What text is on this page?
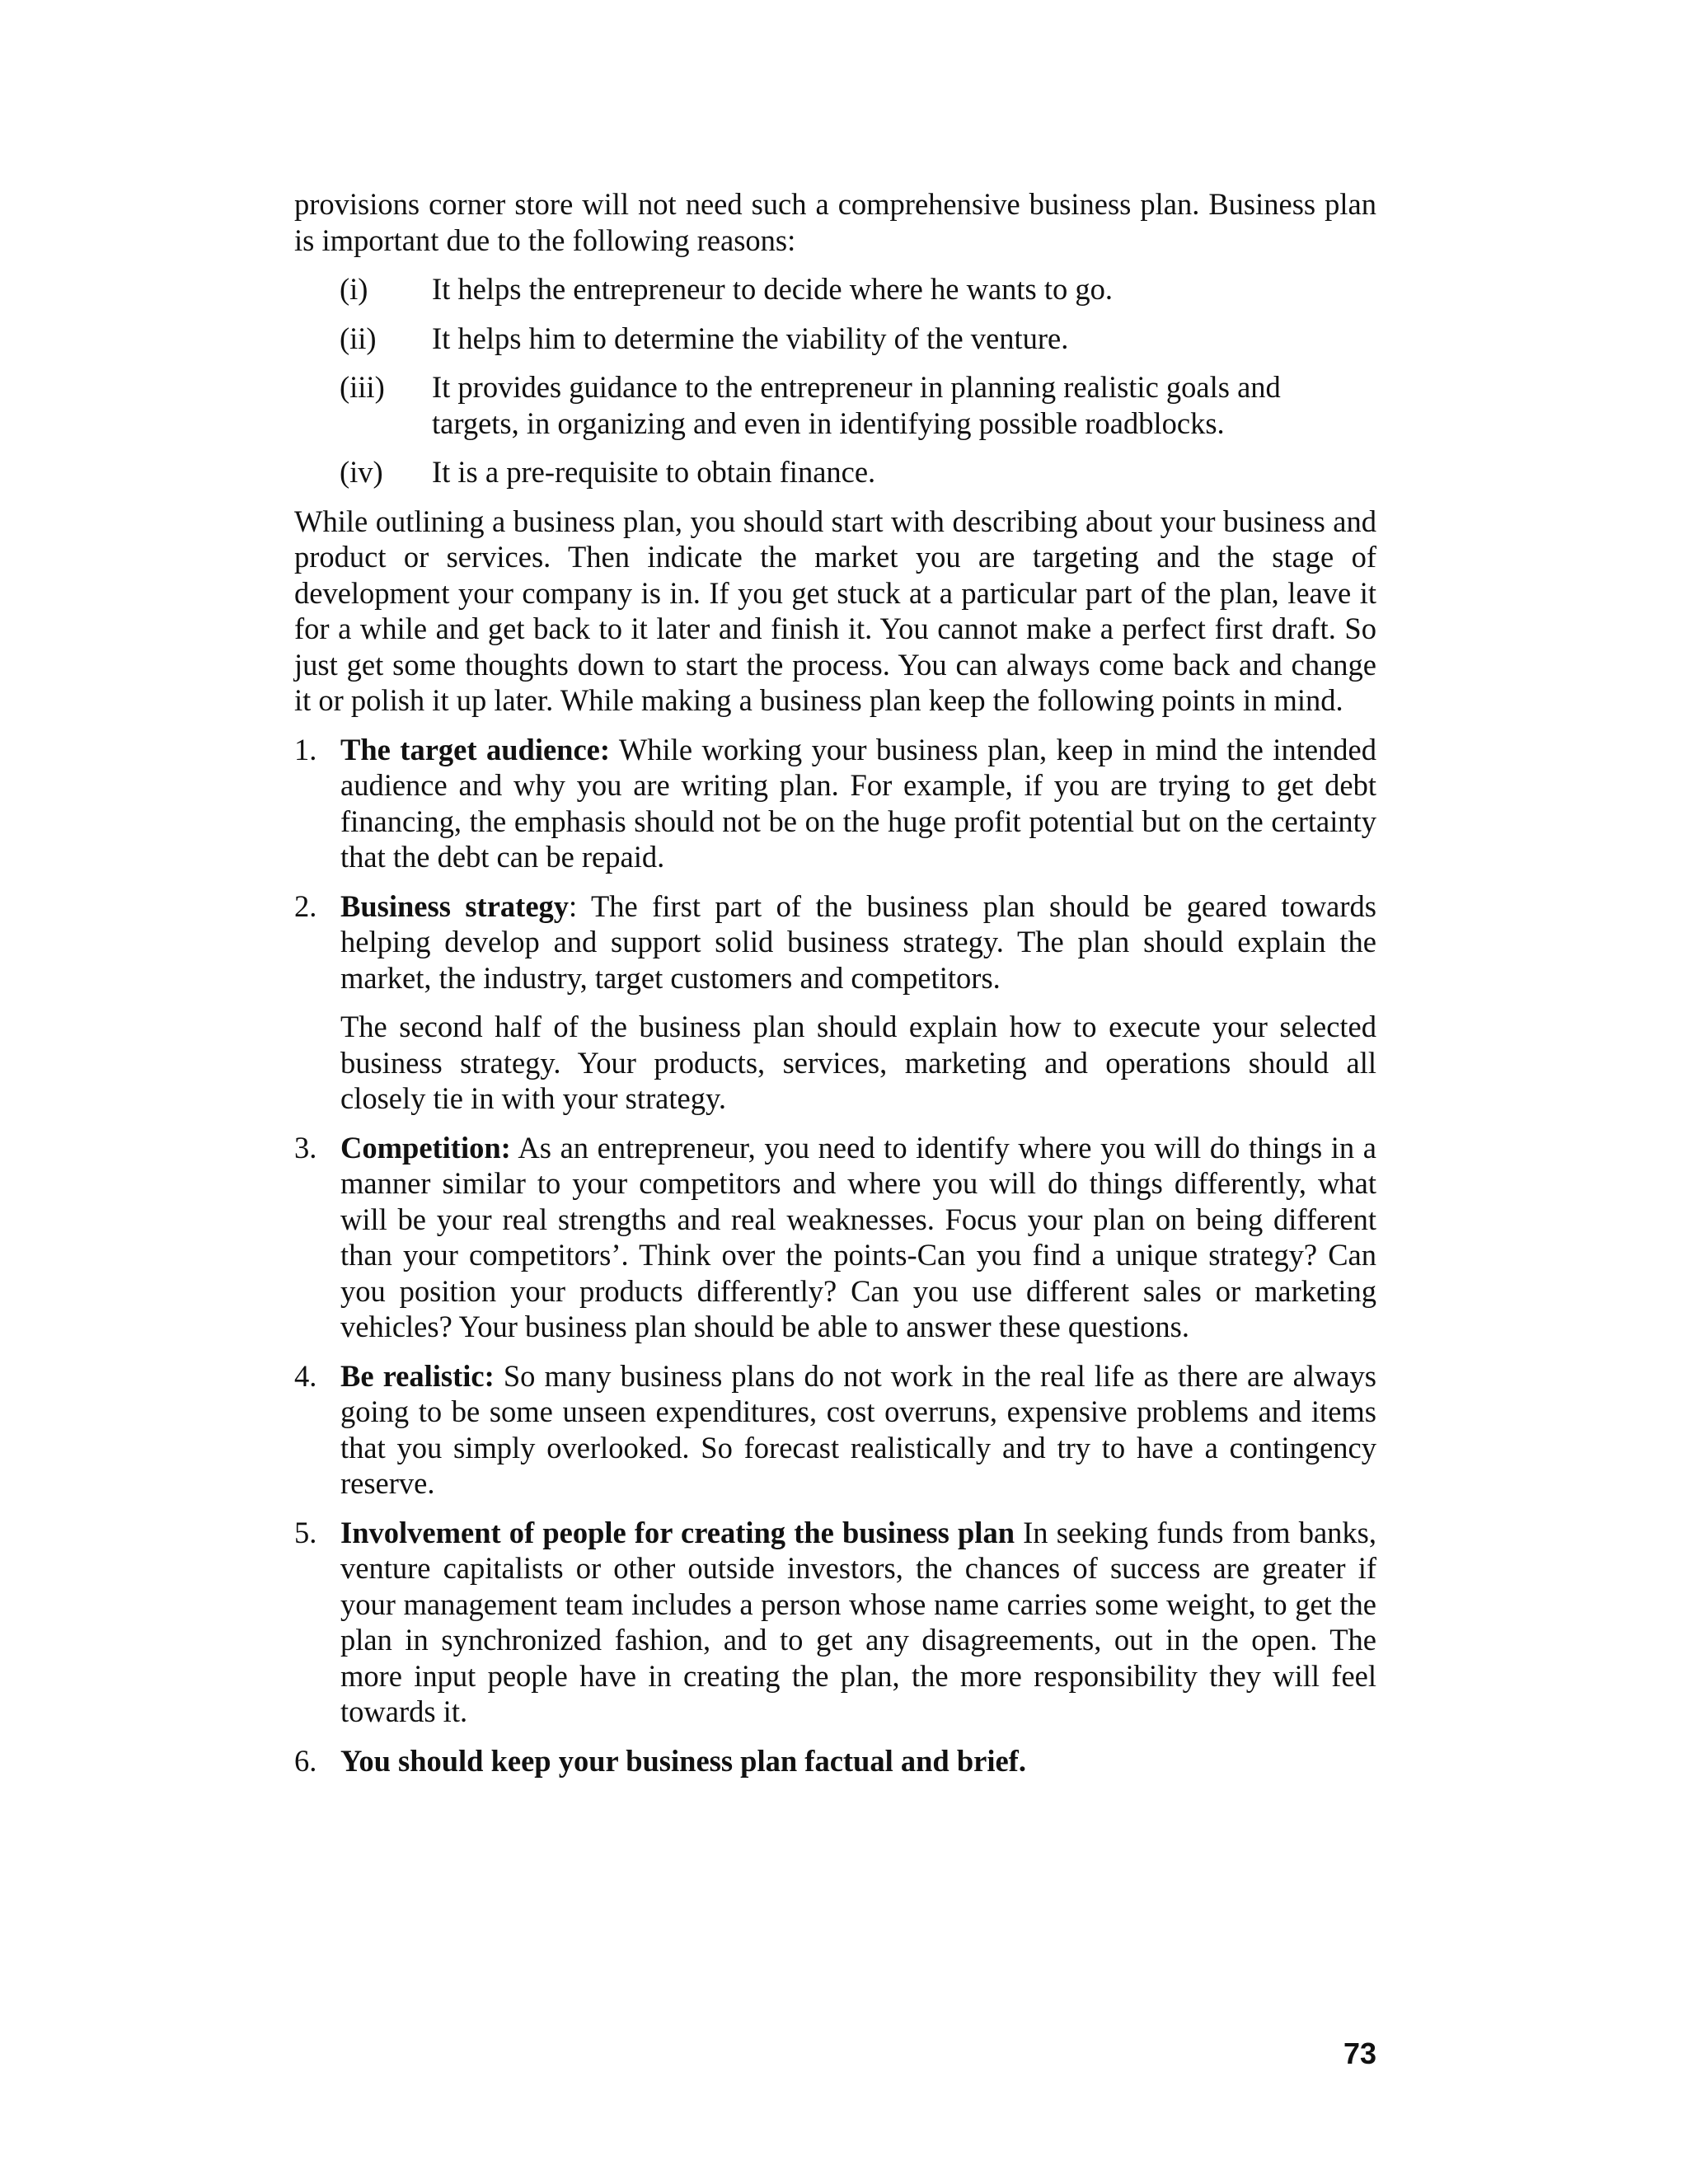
provisions corner store will not need such a comprehensive business plan. Business plan is important due to the following reasons:

(i)	It helps the entrepreneur to decide where he wants to go.
(ii)	It helps him to determine the viability of the venture.
(iii)	It provides guidance to the entrepreneur in planning realistic goals and targets, in organizing and even in identifying possible roadblocks.
(iv)	It is a pre-requisite to obtain finance.

While outlining a business plan, you should start with describing about your business and product or services. Then indicate the market you are targeting and the stage of development your company is in. If you get stuck at a particular part of the plan, leave it for a while and get back to it later and finish it. You cannot make a perfect first draft. So just get some thoughts down to start the process. You can always come back and change it or polish it up later. While making a business plan keep the following points in mind.

1. The target audience: While working your business plan, keep in mind the intended audience and why you are writing plan. For example, if you are trying to get debt financing, the emphasis should not be on the huge profit potential but on the certainty that the debt can be repaid.

2. Business strategy: The first part of the business plan should be geared towards helping develop and support solid business strategy. The plan should explain the market, the industry, target customers and competitors.

The second half of the business plan should explain how to execute your selected business strategy. Your products, services, marketing and operations should all closely tie in with your strategy.

3. Competition: As an entrepreneur, you need to identify where you will do things in a manner similar to your competitors and where you will do things differently, what will be your real strengths and real weaknesses. Focus your plan on being different than your competitors’. Think over the points-Can you find a unique strategy? Can you position your products differently? Can you use different sales or marketing vehicles? Your business plan should be able to answer these questions.

4. Be realistic: So many business plans do not work in the real life as there are always going to be some unseen expenditures, cost overruns, expensive problems and items that you simply overlooked. So forecast realistically and try to have a contingency reserve.

5. Involvement of people for creating the business plan In seeking funds from banks, venture capitalists or other outside investors, the chances of success are greater if your management team includes a person whose name carries some weight, to get the plan in synchronized fashion, and to get any disagreements, out in the open. The more input people have in creating the plan, the more responsibility they will feel towards it.

6. You should keep your business plan factual and brief.

73
